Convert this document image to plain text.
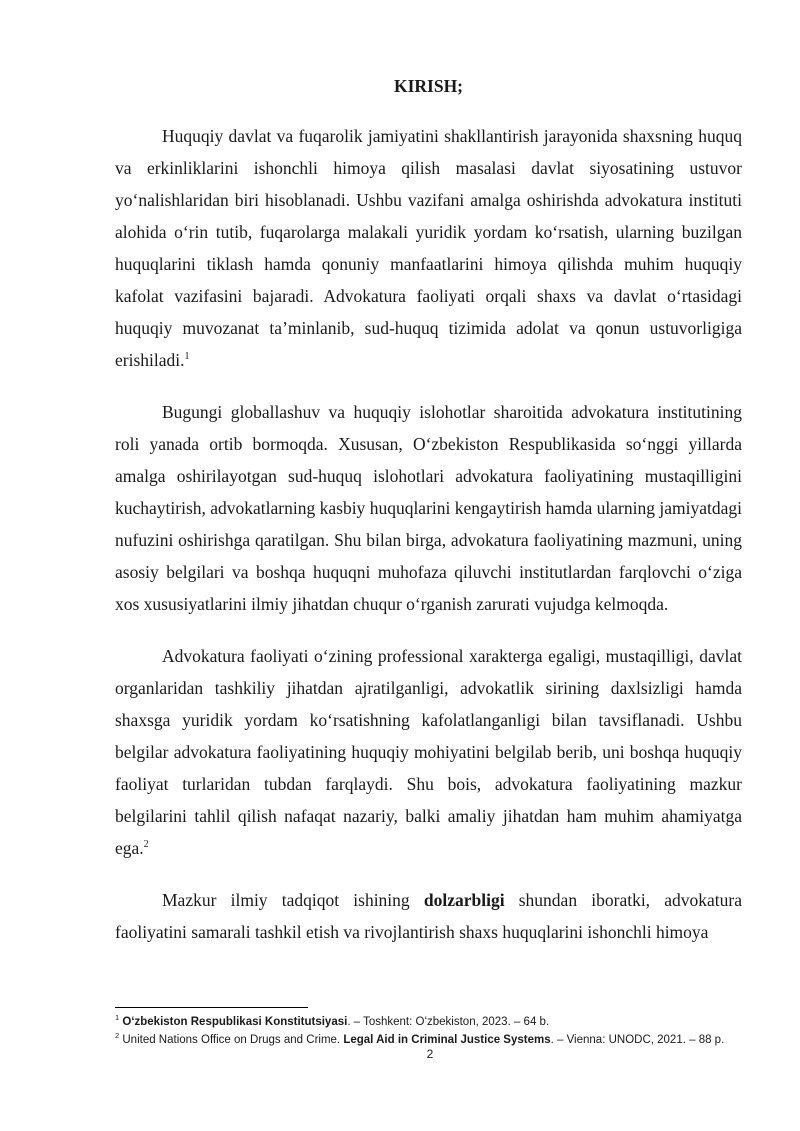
KIRISH;

Huquqiy davlat va fuqarolik jamiyatini shakllantirish jarayonida shaxsning huquq va erkinliklarini ishonchli himoya qilish masalasi davlat siyosatining ustuvor yoʻnalishlaridan biri hisoblanadi. Ushbu vazifani amalga oshirishda advokatura instituti alohida oʻrin tutib, fuqarolarga malakali yuridik yordam koʻrsatish, ularning buzilgan huquqlarini tiklash hamda qonuniy manfaatlarini himoya qilishda muhim huquqiy kafolat vazifasini bajaradi. Advokatura faoliyati orqali shaxs va davlat oʻrtasidagi huquqiy muvozanat taʼminlanib, sud-huquq tizimida adolat va qonun ustuvorligiga erishiladi.$^1$

Bugungi globallashuv va huquqiy islohotlar sharoitida advokatura institutining roli yanada ortib bormoqda. Xususan, Oʻzbekiston Respublikasida soʻnggi yillarda amalga oshirilayotgan sud-huquq islohotlari advokatura faoliyatining mustaqilligini kuchaytirish, advokatlarning kasbiy huquqlarini kengaytirish hamda ularning jamiyatdagi nufuzini oshirishga qaratilgan. Shu bilan birga, advokatura faoliyatining mazmuni, uning asosiy belgilari va boshqa huquqni muhofaza qiluvchi institutlardan farqlovchi oʻziga xos xususiyatlarini ilmiy jihatdan chuqur oʻrganish zarurati vujudga kelmoqda.

Advokatura faoliyati oʻzining professional xarakterga egaligi, mustaqilligi, davlat organlaridan tashkiliy jihatdan ajratilganligi, advokatlik sirining daxlsizligi hamda shaxsga yuridik yordam koʻrsatishning kafolatlanganligi bilan tavsiflanadi. Ushbu belgilar advokatura faoliyatining huquqiy mohiyatini belgilab berib, uni boshqa huquqiy faoliyat turlaridan tubdan farqlaydi. Shu bois, advokatura faoliyatining mazkur belgilarini tahlil qilish nafaqat nazariy, balki amaliy jihatdan ham muhim ahamiyatga ega.$^2$

Mazkur ilmiy tadqiqot ishining dolzarbligi shundan iboratki, advokatura faoliyatini samarali tashkil etish va rivojlantirish shaxs huquqlarini ishonchli himoya

$^1$ Oʻzbekiston Respublikasi Konstitutsiyasi. – Toshkent: Oʻzbekiston, 2023. – 64 b.

$^2$ United Nations Office on Drugs and Crime. Legal Aid in Criminal Justice Systems. – Vienna: UNODC, 2021. – 88 p.

2
